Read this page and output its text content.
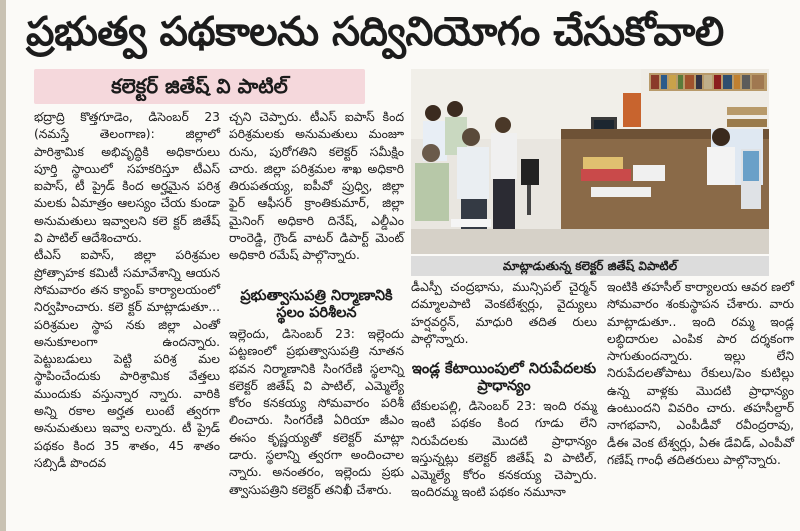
ప్రభుత్వ పథకాలను సద్వినియోగం చేసుకోవాలి
కలెక్టర్ జితేష్ వి పాటిల్

భద్రాద్రి కొత్తగూడెం, డిసెంబర్ 23 (నమస్తే తెలంగాణ): జిల్లాలో పారిశ్రామిక అభివృద్ధికి అధికారులు పూర్తి స్థాయిలో సహకరిస్తూ టీఎస్ ఐపాస్, టీ ప్రైడ్ కింద అర్హమైన పరిశ్ర మలకు ఏమాత్రం ఆలస్యం చేయ కుండా అనుమతులు ఇవ్వాలని కలె క్టర్ జితేష్ వి పాటిల్ ఆదేశించారు.

టీఎస్ ఐపాస్, జిల్లా పరిశ్రమల ప్రోత్సాహక కమిటీ సమావేశాన్ని ఆయన సోమవారం తన క్యాంప్ కార్యాలయంలో నిర్వహించారు. కలె క్టర్ మాట్లాడుతూ... పరిశ్రమల స్థాప నకు జిల్లా ఎంతో అనుకూలంగా ఉందన్నారు. పెట్టుబడులు పెట్టి పరిశ్ర మల స్థాపించేందుకు పారిశ్రామిక వేత్తలు ముందుకు వస్తున్నార న్నారు. వారికి అన్ని రకాల అర్హత లుంటే త్వరగా అనుమతులు ఇవ్వా లన్నారు. టీ ప్రైడ్ పథకం కింద 35 శాతం, 45 శాతం సబ్సిడీ పొందవ

చ్చని చెప్పారు. టీఎస్ ఐపాస్ కింద పరిశ్రమలకు అనుమతులు మంజూ రును, పురోగతిని కలెక్టర్ సమీక్షిం చారు. జిల్లా పరిశ్రమల శాఖ అధికారి తిరుపతయ్య, ఐపీవో ప్రుధ్వి, జిల్లా ఫైర్ ఆఫీసర్ క్రాంతికుమార్, జిల్లా మైనింగ్ అధికారి దినేష్, ఎల్డీఎం రాంరెడ్డి, గ్రౌండ్ వాటర్ డిపార్ట్ మెంట్ అధికారి రమేష్ పాల్గొన్నారు.

ప్రభుత్వాసుపత్రి నిర్మాణానికి స్థలం పరిశీలన

ఇల్లెందు, డిసెంబర్ 23: ఇల్లెందు పట్టణంలో ప్రభుత్వాసుపత్రి నూతన భవన నిర్మాణానికి సింగరేణి స్థలాన్ని కలెక్టర్ జితేష్ వి పాటిల్, ఎమ్మెల్యే కోరం కనకయ్య సోమవారం పరిశీ లించారు. సింగరేణి ఏరియా జీఎం ఈసం కృష్ణయ్యతో కలెక్టర్ మాట్లా డారు. స్థలాన్ని త్వరగా అందించాల న్నారు. అనంతరం, ఇల్లెందు ప్రభు త్వాసుపత్రిని కలెక్టర్ తనిఖీ చేశారు.

మాట్లాడుతున్న కలెక్టర్ జితేష్ విపాటిల్

డీఎస్పీ చంద్రభాను, మున్సిపల్ చైర్మన్ దమ్మాలపాటి వెంకటేశ్వర్లు, వైద్యులు హర్షవర్ధన్, మాధురి తదిత రులు పాల్గొన్నారు.

ఇండ్ల కేటాయింపులో నిరుపేదలకు ప్రాధాన్యం

టేకులపల్లి, డిసెంబర్ 23: ఇంది రమ్మ ఇంటి పథకం కింద గూడు లేని నిరుపేదలకు మొదటి ప్రాధాన్యం ఇస్తున్నట్లు కలెక్టర్ జితేష్ వి పాటిల్, ఎమ్మెల్యే కోరం కనకయ్య చెప్పారు. ఇందిరమ్మ ఇంటి పథకం నమూనా

ఇంటికి తహసీల్ కార్యాలయ ఆవర ణలో సోమవారం శంకుస్థాపన చేశారు. వారు మాట్లాడుతూ.. ఇంది రమ్మ ఇండ్ల లబ్ధిదారుల ఎంపిక పార దర్శకంగా సాగుతుందన్నారు. ఇల్లు లేని నిరుపేదలతోపాటు రేకులు/పెం కుటిల్లు ఉన్న వాళ్లకు మొదటి ప్రాధాన్యం ఉంటుందని వివరిం చారు. తహసీల్దార్ నాగభవాని, ఎంపీడీవో రవీంద్రరావు, డీఈ వెంక టేశ్వర్లు, ఏఈ డేవిడ్, ఎంపీవో గణేష్ గాంధీ తదితరులు పాల్గొన్నారు.
